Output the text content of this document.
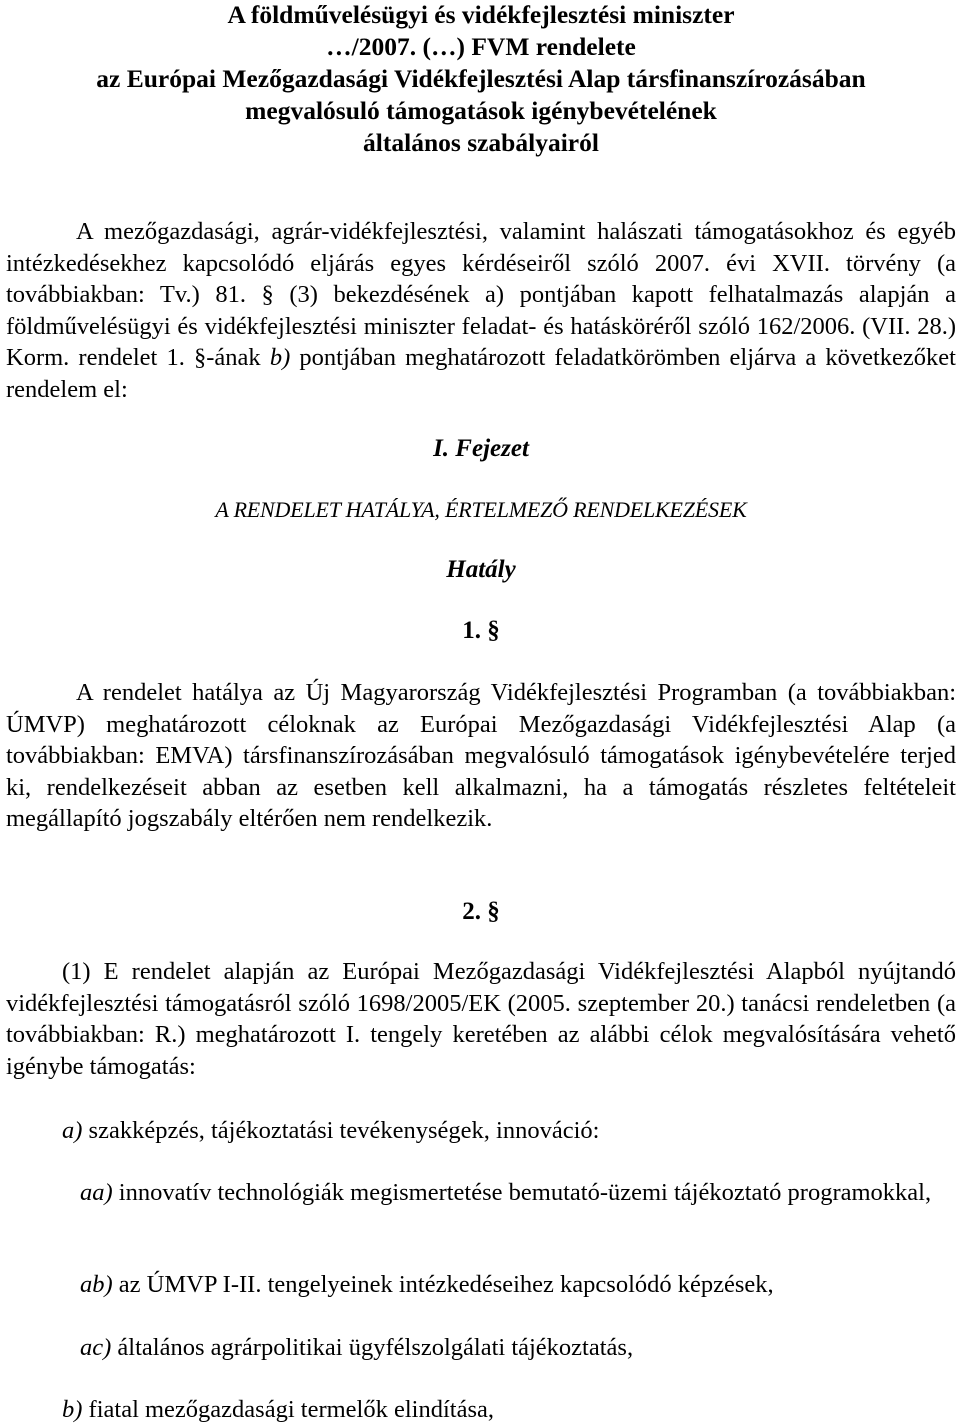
A földművelésügyi és vidékfejlesztési miniszter
…/2007. (…) FVM rendelete
az Európai Mezőgazdasági Vidékfejlesztési Alap társfinanszírozásában
megvalósuló támogatások igénybevételének
általános szabályairól
A mezőgazdasági, agrár-vidékfejlesztési, valamint halászati támogatásokhoz és egyéb intézkedésekhez kapcsolódó eljárás egyes kérdéseiről szóló 2007. évi XVII. törvény (a továbbiakban: Tv.) 81. § (3) bekezdésének a) pontjában kapott felhatalmazás alapján a földművelésügyi és vidékfejlesztési miniszter feladat- és hatásköréről szóló 162/2006. (VII. 28.) Korm. rendelet 1. §-ának b) pontjában meghatározott feladatkörömben eljárva a következőket rendelem el:
I. Fejezet
A RENDELET HATÁLYA, ÉRTELMEZŐ RENDELKEZÉSEK
Hatály
1. §
A rendelet hatálya az Új Magyarország Vidékfejlesztési Programban (a továbbiakban: ÚMVP) meghatározott céloknak az Európai Mezőgazdasági Vidékfejlesztési Alap (a továbbiakban: EMVA) társfinanszírozásában megvalósuló támogatások igénybevételére terjed ki, rendelkezéseit abban az esetben kell alkalmazni, ha a támogatás részletes feltételeit megállapító jogszabály eltérően nem rendelkezik.
2. §
(1) E rendelet alapján az Európai Mezőgazdasági Vidékfejlesztési Alapból nyújtandó vidékfejlesztési támogatásról szóló 1698/2005/EK (2005. szeptember 20.) tanácsi rendeletben (a továbbiakban: R.) meghatározott I. tengely keretében az alábbi célok megvalósítására vehető igénybe támogatás:
a) szakképzés, tájékoztatási tevékenységek, innováció:
aa) innovatív technológiák megismertetése bemutató-üzemi tájékoztató programokkal,
ab) az ÚMVP I-II. tengelyeinek intézkedéseihez kapcsolódó képzések,
ac) általános agrárpolitikai ügyfélszolgálati tájékoztatás,
b) fiatal mezőgazdasági termelők elindítása,
